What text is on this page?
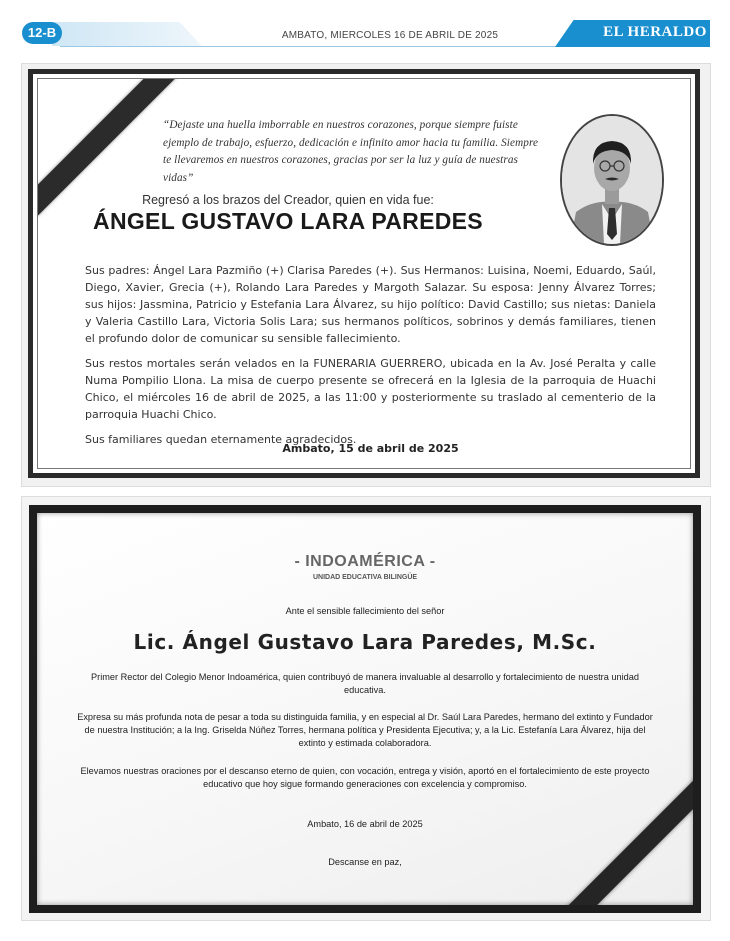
12-B	AMBATO, MIERCOLES 16 DE ABRIL DE 2025	EL HERALDO
“Dejaste una huella imborrable en nuestros corazones, porque siempre fuiste ejemplo de trabajo, esfuerzo, dedicación e infinito amor hacia tu familia. Siempre te llevaremos en nuestros corazones, gracias por ser la luz y guía de nuestras vidas”
Regresó a los brazos del Creador, quien en vida fue:
ÁNGEL GUSTAVO LARA PAREDES

Sus padres: Ángel Lara Pazmiño (+) Clarisa Paredes (+). Sus Hermanos: Luisina, Noemi, Eduardo, Saúl, Diego, Xavier, Grecia (+), Rolando Lara Paredes y Margoth Salazar. Su esposa: Jenny Álvarez Torres; sus hijos: Jassmina, Patricio y Estefania Lara Álvarez, su hijo político: David Castillo; sus nietas: Daniela y Valeria Castillo Lara, Victoria Solis Lara; sus hermanos políticos, sobrinos y demás familiares, tienen el profundo dolor de comunicar su sensible fallecimiento.

Sus restos mortales serán velados en la FUNERARIA GUERRERO, ubicada en la Av. José Peralta y calle Numa Pompilio Llona. La misa de cuerpo presente se ofrecerá en la Iglesia de la parroquia de Huachi Chico, el miércoles 16 de abril de 2025, a las 11:00 y posteriormente su traslado al cementerio de la parroquia Huachi Chico.

Sus familiares quedan eternamente agradecidos.

Ambato, 15 de abril de 2025
- INDOAMÉRICA -
UNIDAD EDUCATIVA BILINGÜE
Ante el sensible fallecimiento del señor
Lic. Ángel Gustavo Lara Paredes, M.Sc.
Primer Rector del Colegio Menor Indoamérica, quien contribuyó de manera invaluable al desarrollo y fortalecimiento de nuestra unidad educativa.
Expresa su más profunda nota de pesar a toda su distinguida familia, y en especial al Dr. Saúl Lara Paredes, hermano del extinto y Fundador de nuestra Institución; a la Ing. Griselda Núñez Torres, hermana política y Presidenta Ejecutiva; y, a la Lic. Estefanía Lara Álvarez, hija del extinto y estimada colaboradora.
Elevamos nuestras oraciones por el descanso eterno de quien, con vocación, entrega y visión, aportó en el fortalecimiento de este proyecto educativo que hoy sigue formando generaciones con excelencia y compromiso.
Ambato, 16 de abril de 2025
Descanse en paz,
